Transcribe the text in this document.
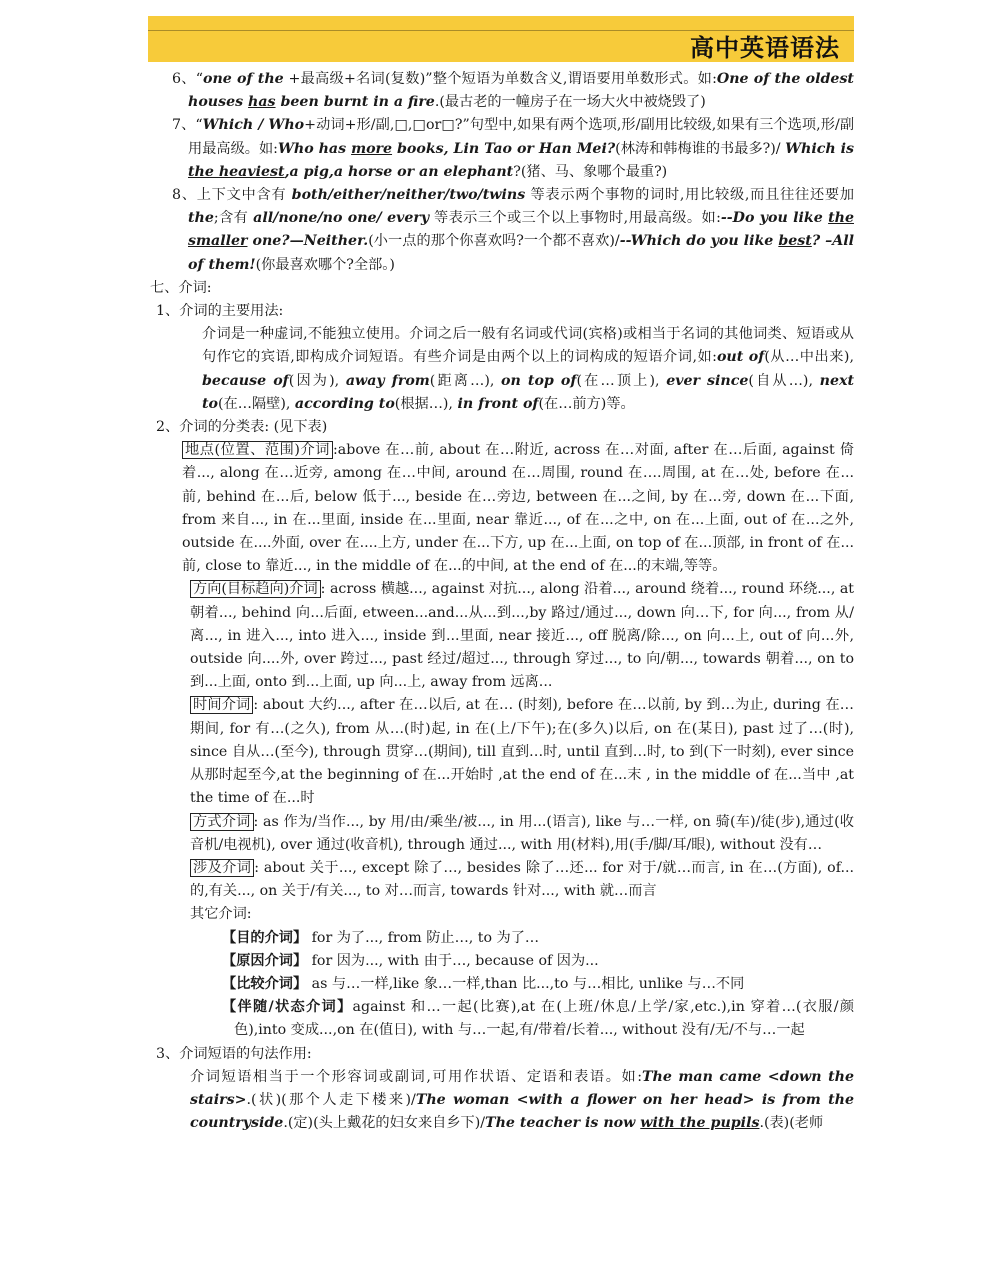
高中英语语法

6、“one of the +最高级+名词(复数)”整个短语为单数含义,谓语要用单数形式。如:One of the oldest houses has been burnt in a fire.(最古老的一幢房子在一场大火中被烧毁了)

7、“Which / Who+动词+形/副,□,□or□?”句型中,如果有两个选项,形/副用比较级,如果有三个选项,形/副用最高级。如:Who has more books, Lin Tao or Han Mei?(林涛和韩梅谁的书最多?)/ Which is the heaviest,a pig,a horse or an elephant?(猪、马、象哪个最重?)

8、上下文中含有 both/either/neither/two/twins 等表示两个事物的词时,用比较级,而且往往还要加 the;含有 all/none/no one/ every 等表示三个或三个以上事物时,用最高级。如:--Do you like the smaller one?—Neither.(小一点的那个你喜欢吗?一个都不喜欢)/--Which do you like best? –All of them!(你最喜欢哪个?全部。)

七、介词:

1、介词的主要用法:

介词是一种虚词,不能独立使用。介词之后一般有名词或代词(宾格)或相当于名词的其他词类、短语或从句作它的宾语,即构成介词短语。有些介词是由两个以上的词构成的短语介词,如:out of(从…中出来), because of(因为), away from(距离…), on top of(在…顶上), ever since(自从…), next to(在…隔壁), according to(根据…), in front of(在…前方)等。

2、介词的分类表: (见下表)

地点(位置、范围)介词 :above 在…前, about 在…附近, across 在…对面, after 在…后面, against 倚着..., along 在…近旁, among 在…中间, around 在…周围, round 在….周围, at 在…处, before 在...前, behind 在...后, below 低于..., beside 在…旁边, between 在...之间, by 在...旁, down 在...下面, from 来自..., in 在...里面, inside 在...里面, near 靠近..., of 在...之中, on 在...上面, out of 在...之外, outside 在....外面, over 在....上方, under 在...下方, up 在...上面, on top of 在...顶部, in front of 在...前, close to 靠近..., in the middle of 在...的中间, at the end of 在...的末端,等等。

方向(目标趋向)介词 : across 横越..., against 对抗..., along 沿着..., around 绕着..., round 环绕..., at 朝着..., behind 向...后面, etween...and...从...到...,by 路过/通过..., down 向…下, for 向..., from 从/离..., in 进入..., into 进入..., inside 到...里面, near 接近..., off 脱离/除..., on 向...上, out of 向...外, outside 向....外, over 跨过..., past 经过/超过..., through 穿过..., to 向/朝..., towards 朝着..., on to 到...上面, onto 到...上面, up 向...上, away from 远离...

时间介词 : about 大约..., after 在…以后, at 在… (时刻), before 在…以前, by 到…为止, during 在…期间, for 有…(之久), from 从…(时)起, in 在(上/下午);在(多久)以后, on 在(某日), past 过了…(时), since 自从…(至今), through 贯穿…(期间), till 直到…时, until 直到…时, to 到(下一时刻), ever since 从那时起至今,at the beginning of 在...开始时 ,at the end of 在...末 , in the middle of 在...当中 ,at the time of 在...时

方式介词 : as 作为/当作..., by 用/由/乘坐/被..., in 用...(语言), like 与…一样, on 骑(车)/徒(步),通过(收音机/电视机), over 通过(收音机), through 通过..., with 用(材料),用(手/脚/耳/眼), without 没有…

涉及介词 : about 关于..., except 除了…, besides 除了…还... for 对于/就…而言, in 在…(方面), of...的,有关..., on 关于/有关..., to 对…而言, towards 针对..., with 就…而言

其它介词:

【目的介词】 for 为了..., from 防止…, to 为了…

【原因介词】 for 因为..., with 由于…, because of 因为...

【比较介词】 as 与…一样,like 象…一样,than 比...,to 与…相比, unlike 与…不同

【伴随/状态介词】against 和…一起(比赛),at 在(上班/休息/上学/家,etc.),in 穿着…(衣服/颜色),into 变成...,on 在(值日), with 与…一起,有/带着/长着..., without 没有/无/不与…一起

3、介词短语的句法作用:

介词短语相当于一个形容词或副词,可用作状语、定语和表语。如:The man came <down the stairs>.(状)(那个人走下楼来)/The woman <with a flower on her head> is from the countryside.(定)(头上戴花的妇女来自乡下)/The teacher is now with the pupils.(表)(老师
